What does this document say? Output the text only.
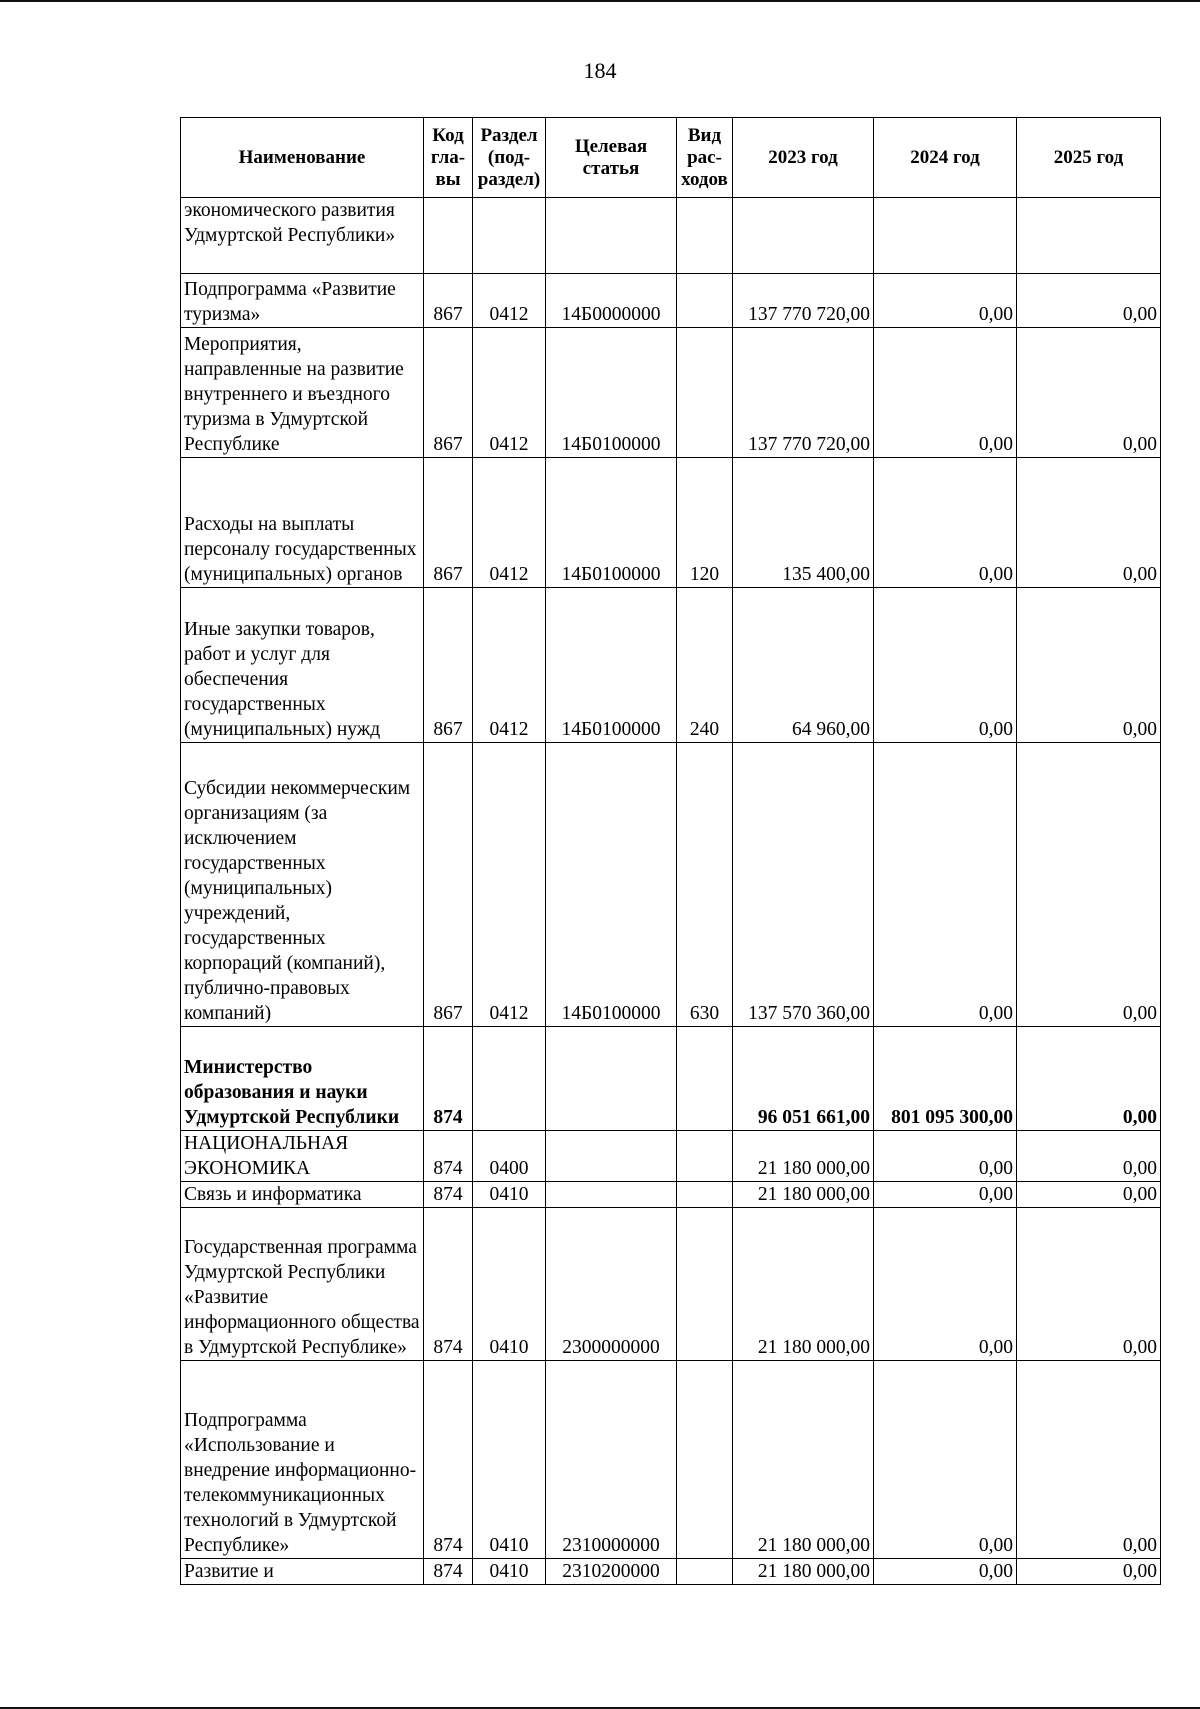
184
Наименование	Код гла-вы	Раздел (под-раздел)	Целевая статья	Вид рас-ходов	2023 год	2024 год	2025 год
экономического развития Удмуртской Республики»							
Подпрограмма «Развитие туризма»	867	0412	14Б0000000		137 770 720,00	0,00	0,00
Мероприятия, направленные на развитие внутреннего и въездного туризма в Удмуртской Республике	867	0412	14Б0100000		137 770 720,00	0,00	0,00
Расходы на выплаты персоналу государственных (муниципальных) органов	867	0412	14Б0100000	120	135 400,00	0,00	0,00
Иные закупки товаров, работ и услуг для обеспечения государственных (муниципальных) нужд	867	0412	14Б0100000	240	64 960,00	0,00	0,00
Субсидии некоммерческим организациям (за исключением государственных (муниципальных) учреждений, государственных корпораций (компаний), публично-правовых компаний)	867	0412	14Б0100000	630	137 570 360,00	0,00	0,00
Министерство образования и науки Удмуртской Республики	874				96 051 661,00	801 095 300,00	0,00
НАЦИОНАЛЬНАЯ ЭКОНОМИКА	874	0400			21 180 000,00	0,00	0,00
Связь и информатика	874	0410			21 180 000,00	0,00	0,00
Государственная программа Удмуртской Республики «Развитие информационного общества в Удмуртской Республике»	874	0410	2300000000		21 180 000,00	0,00	0,00
Подпрограмма «Использование и внедрение информационно-телекоммуникационных технологий в Удмуртской Республике»	874	0410	2310000000		21 180 000,00	0,00	0,00
Развитие и	874	0410	2310200000		21 180 000,00	0,00	0,00
